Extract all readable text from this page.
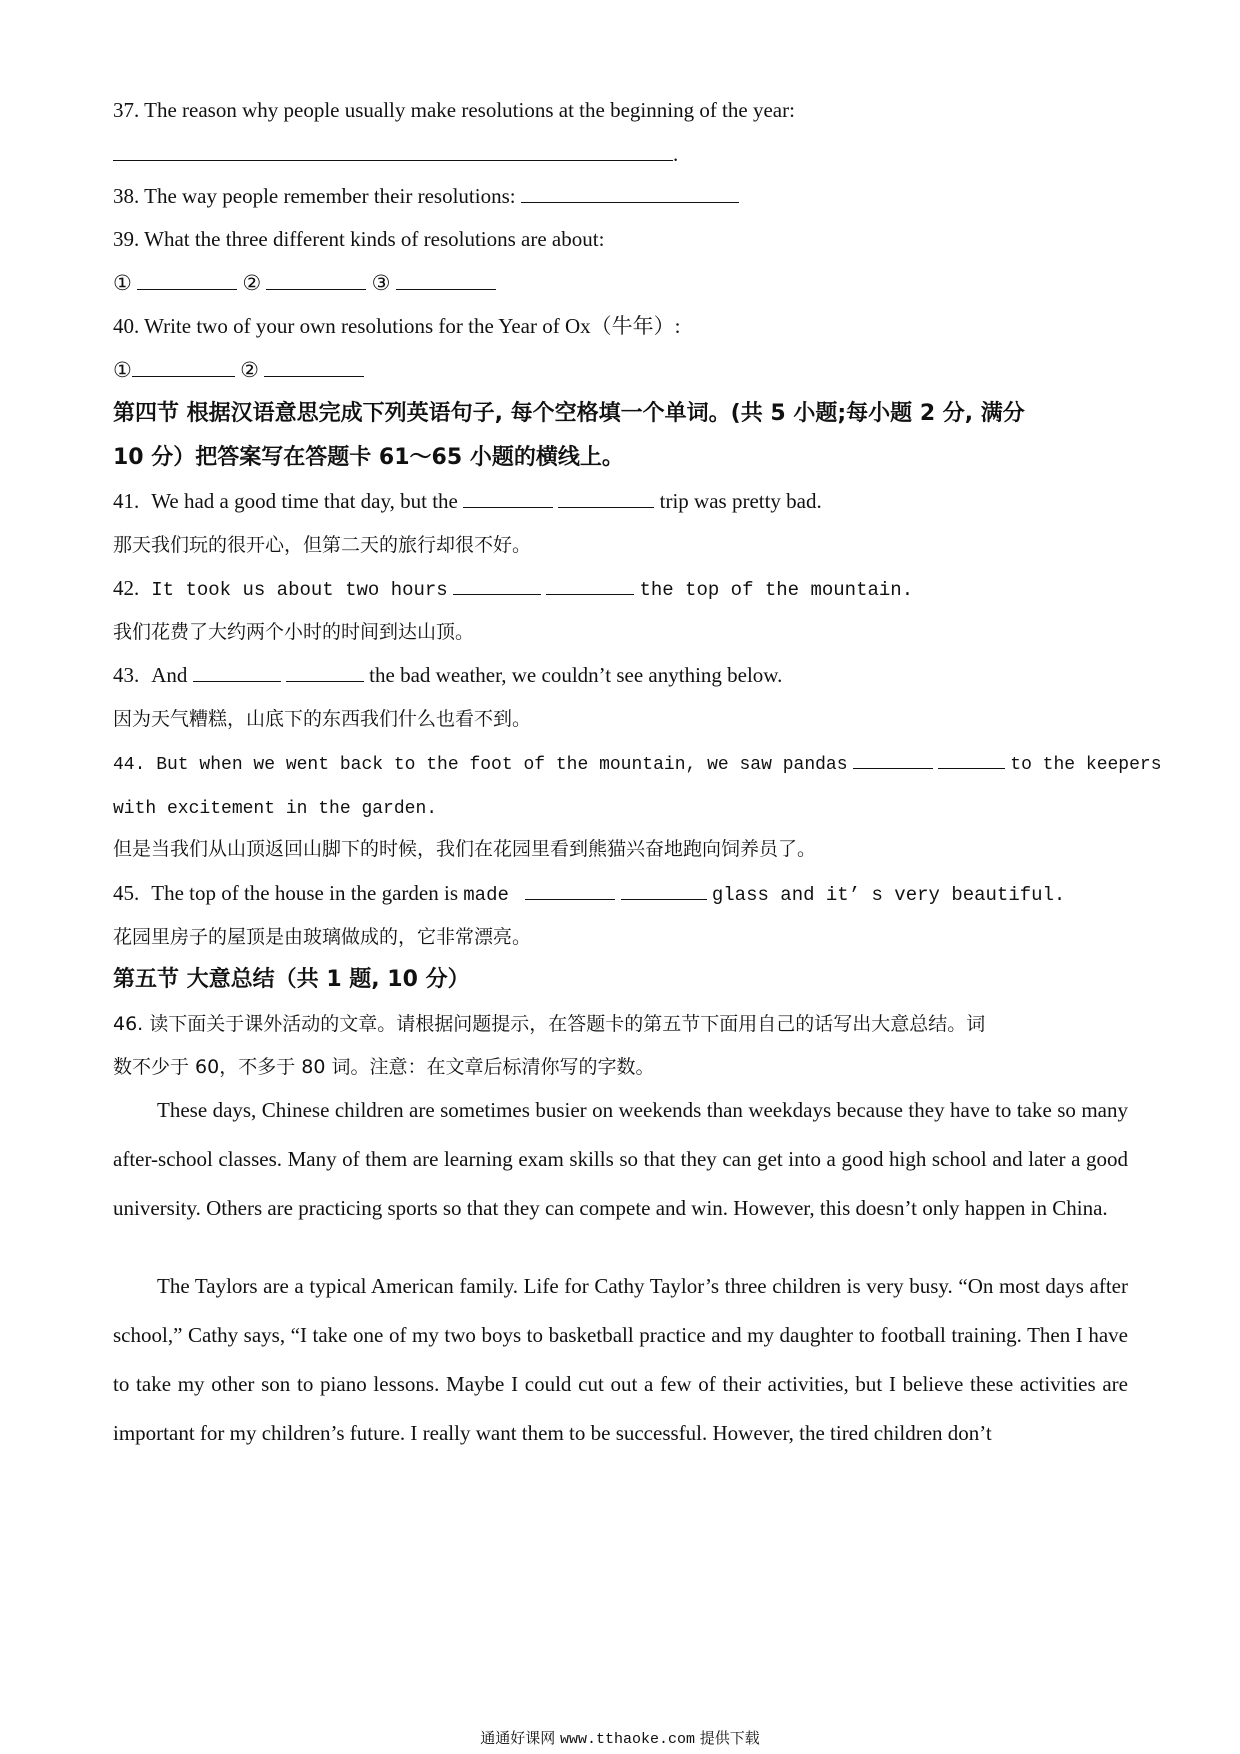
37. The reason why people usually make resolutions at the beginning of the year:
.
38. The way people remember their resolutions:
39. What the three different kinds of resolutions are about:
①	②	③
40. Write two of your own resolutions for the Year of Ox（牛年）:
①	②
第四节 根据汉语意思完成下列英语句子, 每个空格填一个单词。(共 5 小题;每小题 2 分, 满分
10 分）把答案写在答题卡 61～65 小题的横线上。
41. We had a good time that day, but the	trip was pretty bad.
那天我们玩的很开心，但第二天的旅行却很不好。
42. It took us about two hours	the top of the mountain.
我们花费了大约两个小时的时间到达山顶。
43. And	the bad weather, we couldn’t see anything below.
因为天气糟糕，山底下的东西我们什么也看不到。
44. But when we went back to the foot of the mountain, we saw pandas	to the keepers
with excitement in the garden.
但是当我们从山顶返回山脚下的时候，我们在花园里看到熊猫兴奋地跑向饲养员了。
45. The top of the house in the garden is made	glass and it’ s very beautiful.
花园里房子的屋顶是由玻璃做成的，它非常漂亮。
第五节 大意总结（共 1 题, 10 分）
46. 读下面关于课外活动的文章。请根据问题提示，在答题卡的第五节下面用自己的话写出大意总结。词
数不少于 60，不多于 80 词。注意：在文章后标清你写的字数。
These days, Chinese children are sometimes busier on weekends than weekdays because they have to take so many after-school classes. Many of them are learning exam skills so that they can get into a good high school and later a good university. Others are practicing sports so that they can compete and win. However, this doesn’t only happen in China.
The Taylors are a typical American family. Life for Cathy Taylor’s three children is very busy. “On most days after school,” Cathy says, “I take one of my two boys to basketball practice and my daughter to football training. Then I have to take my other son to piano lessons. Maybe I could cut out a few of their activities, but I believe these activities are important for my children’s future. I really want them to be successful. However, the tired children don’t
通通好课网 www.tthaoke.com 提供下载
